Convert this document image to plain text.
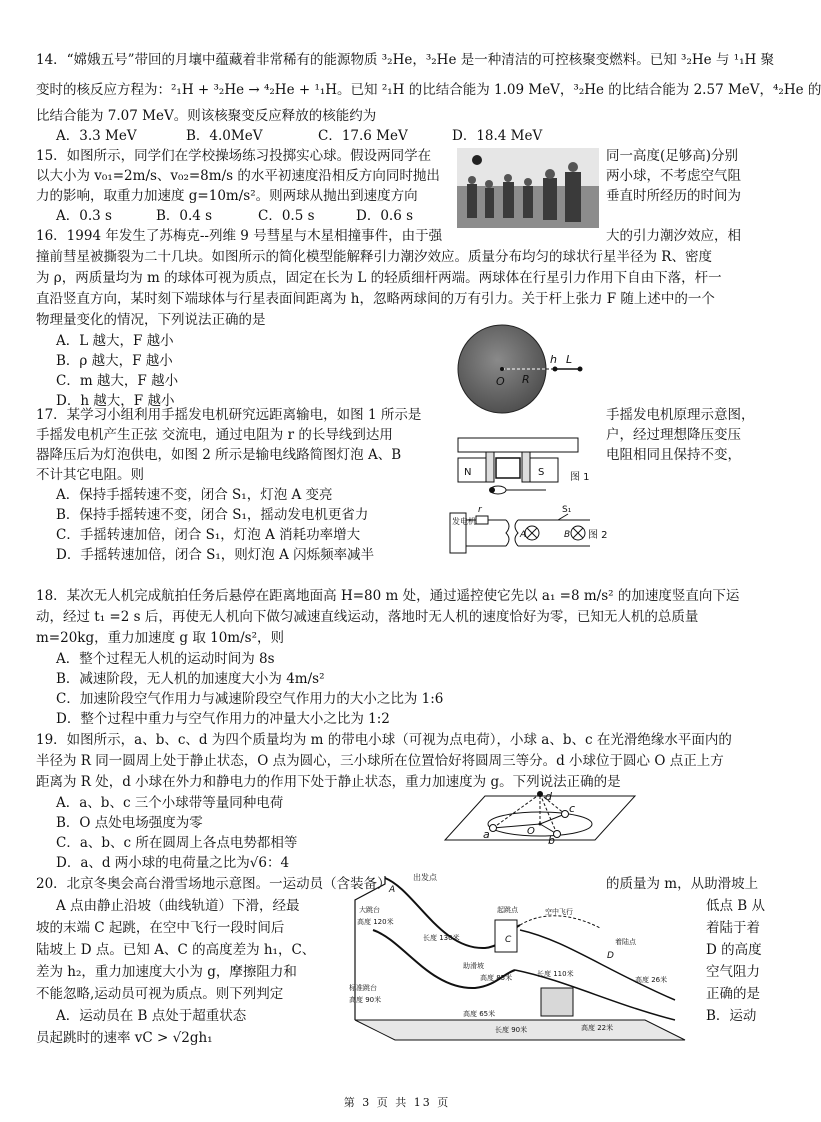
14．“嫦娥五号”带回的月壤中蕴藏着非常稀有的能源物质 ³₂He，³₂He 是一种清洁的可控核聚变燃料。已知 ³₂He 与 ¹₁H 聚
变时的核反应方程为：²₁H + ³₂He → ⁴₂He + ¹₁H。已知 ²₁H 的比结合能为 1.09 MeV，³₂He 的比结合能为 2.57 MeV，⁴₂He 的
比结合能为 7.07 MeV。则该核聚变反应释放的核能约为
A．3.3 MeV	B．4.0MeV	C．17.6 MeV	D．18.4 MeV
15．如图所示，同学们在学校操场练习投掷实心球。假设两同学在	同一高度(足够高)分别
以大小为 v₀₁=2m/s、v₀₂=8m/s 的水平初速度沿相反方向同时抛出	两小球，不考虑空气阻
力的影响，取重力加速度 g=10m/s²。则两球从抛出到速度方向	垂直时所经历的时间为
A．0.3 s	B．0.4 s	C．0.5 s	D．0.6 s
16．1994 年发生了苏梅克--列维 9 号彗星与木星相撞事件，由于强	大的引力潮汐效应，相
撞前彗星被撕裂为二十几块。如图所示的简化模型能解释引力潮汐效应。质量分布均匀的球状行星半径为 R、密度
为 ρ，两质量均为 m 的球体可视为质点，固定在长为 L 的轻质细杆两端。两球体在行星引力作用下自由下落，杆一
直沿竖直方向，某时刻下端球体与行星表面间距离为 h，忽略两球间的万有引力。关于杆上张力 F 随上述中的一个
物理量变化的情况，下列说法正确的是
A．L 越大，F 越小
B．ρ 越大，F 越小
C．m 越大，F 越小
D．h 越大，F 越小
O R
h L
17．某学习小组利用手摇发电机研究远距离输电，如图 1 所示是	手摇发电机原理示意图，
手摇发电机产生正弦 交流电，通过电阻为 r 的长导线到达用	户，经过理想降压变压
器降压后为灯泡供电，如图 2 所示是输电线路简图灯泡 A、B	电阻相同且保持不变，
不计其它电阻。则
A．保持手摇转速不变，闭合 S₁，灯泡 A 变亮
B．保持手摇转速不变，闭合 S₁，摇动发电机更省力
C．手摇转速加倍，闭合 S₁，灯泡 A 消耗功率增大
D．手摇转速加倍，闭合 S₁，则灯泡 A 闪烁频率减半
N	S	图 1
发电机
r
A
S₁
B 图 2
18．某次无人机完成航拍任务后悬停在距离地面高 H=80 m 处，通过遥控使它先以 a₁ =8 m/s² 的加速度竖直向下运
动，经过 t₁ =2 s 后，再使无人机向下做匀减速直线运动，落地时无人机的速度恰好为零，已知无人机的总质量
m=20kg，重力加速度 g 取 10m/s²，则
A．整个过程无人机的运动时间为 8s
B．减速阶段，无人机的加速度大小为 4m/s²
C．加速阶段空气作用力与减速阶段空气作用力的大小之比为 1:6
D．整个过程中重力与空气作用力的冲量大小之比为 1:2
19．如图所示，a、b、c、d 为四个质量均为 m 的带电小球（可视为点电荷），小球 a、b、c 在光滑绝缘水平面内的
半径为 R 同一圆周上处于静止状态，O 点为圆心，三小球所在位置恰好将圆周三等分。d 小球位于圆心 O 点正上方
距离为 R 处，d 小球在外力和静电力的作用下处于静止状态，重力加速度为 g。下列说法正确的是
A．a、b、c 三个小球带等量同种电荷
B．O 点处电场强度为零
C．a、b、c 所在圆周上各点电势都相等
D．a、d 两小球的电荷量之比为√6：4
d
a	b
c
O
20．北京冬奥会高台滑雪场地示意图。一运动员（含装备）	的质量为 m，从助滑坡上
A 点由静止沿坡（曲线轨道）下滑，经最	低点 B 从
坡的末端 C 起跳，在空中飞行一段时间后	着陆于着
陆坡上 D 点。已知 A、C 的高度差为 h₁，C、	D 的高度
差为 h₂，重力加速度大小为 g，摩擦阻力和	空气阻力
不能忽略,运动员可视为质点。则下列判定	正确的是
A．运动员在 B 点处于超重状态	B．运动
员起跳时的速率 vC > √2gh₁
出发点
A
大跳台
高度 120米
标准跳台
高度 90米
起跳点
C
空中飞行
着陆点
D
助滑坡
长度 130米
长度 110米
高度 85米
高度 65米
长度 90米
高度 26米
高度 22米
第 3 页 共 13 页
